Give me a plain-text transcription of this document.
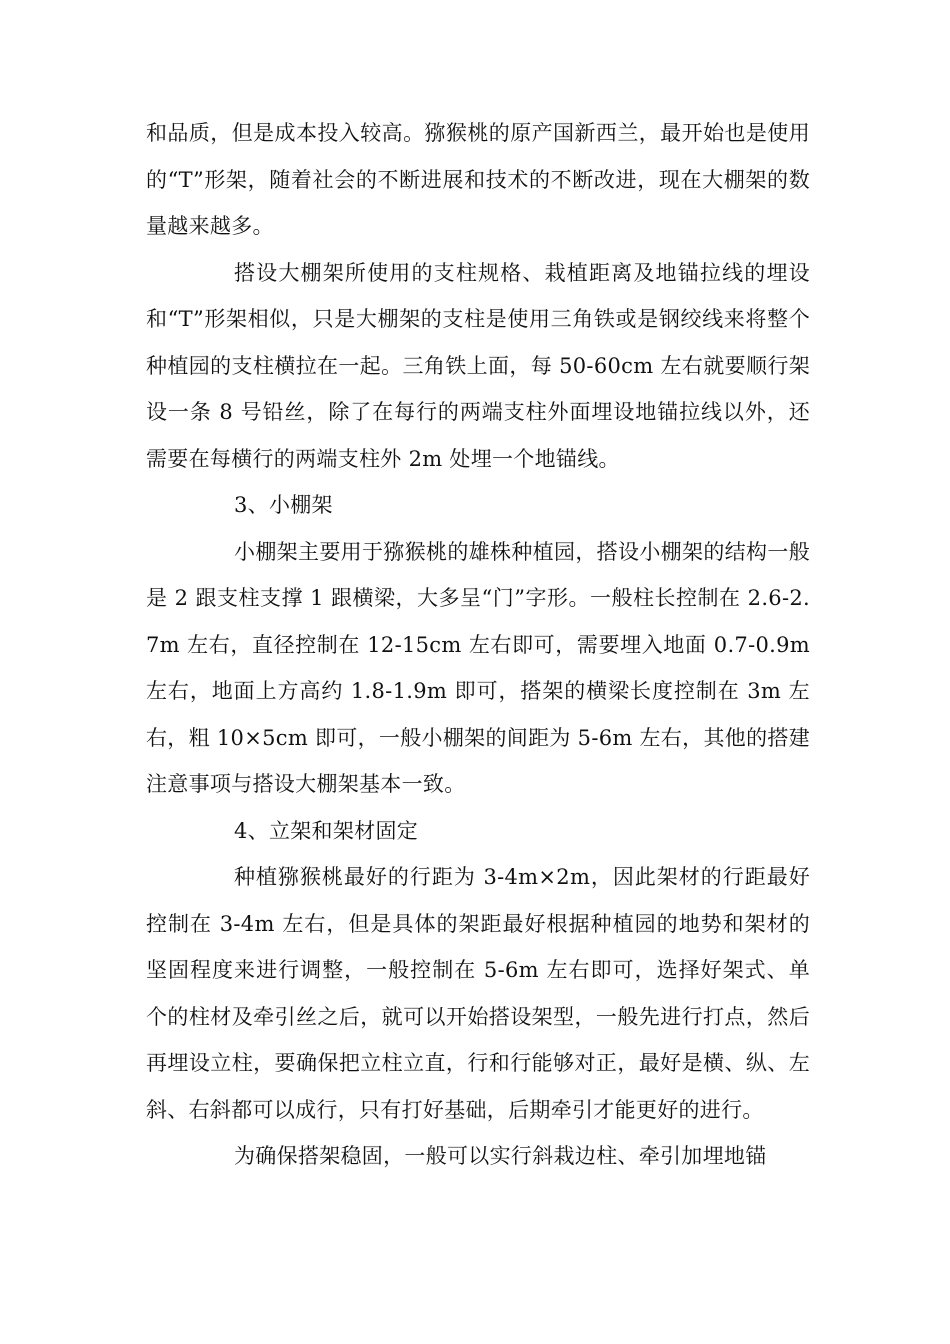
和品质，但是成本投入较高。猕猴桃的原产国新西兰，最开始也是使用的“T”形架，随着社会的不断进展和技术的不断改进，现在大棚架的数量越来越多。

搭设大棚架所使用的支柱规格、栽植距离及地锚拉线的埋设和“T”形架相似，只是大棚架的支柱是使用三角铁或是钢绞线来将整个种植园的支柱横拉在一起。三角铁上面，每 50-60cm 左右就要顺行架设一条 8 号铅丝，除了在每行的两端支柱外面埋设地锚拉线以外，还需要在每横行的两端支柱外 2m 处埋一个地锚线。

3、小棚架

小棚架主要用于猕猴桃的雄株种植园，搭设小棚架的结构一般是 2 跟支柱支撑 1 跟横梁，大多呈“门”字形。一般柱长控制在 2.6-2.7m 左右，直径控制在 12-15cm 左右即可，需要埋入地面 0.7-0.9m 左右，地面上方高约 1.8-1.9m 即可，搭架的横梁长度控制在 3m 左右，粗 10×5cm 即可，一般小棚架的间距为 5-6m 左右，其他的搭建注意事项与搭设大棚架基本一致。

4、立架和架材固定

种植猕猴桃最好的行距为 3-4m×2m，因此架材的行距最好控制在 3-4m 左右，但是具体的架距最好根据种植园的地势和架材的坚固程度来进行调整，一般控制在 5-6m 左右即可，选择好架式、单个的柱材及牵引丝之后，就可以开始搭设架型，一般先进行打点，然后再埋设立柱，要确保把立柱立直，行和行能够对正，最好是横、纵、左斜、右斜都可以成行，只有打好基础，后期牵引才能更好的进行。

为确保搭架稳固，一般可以实行斜栽边柱、牵引加埋地锚
